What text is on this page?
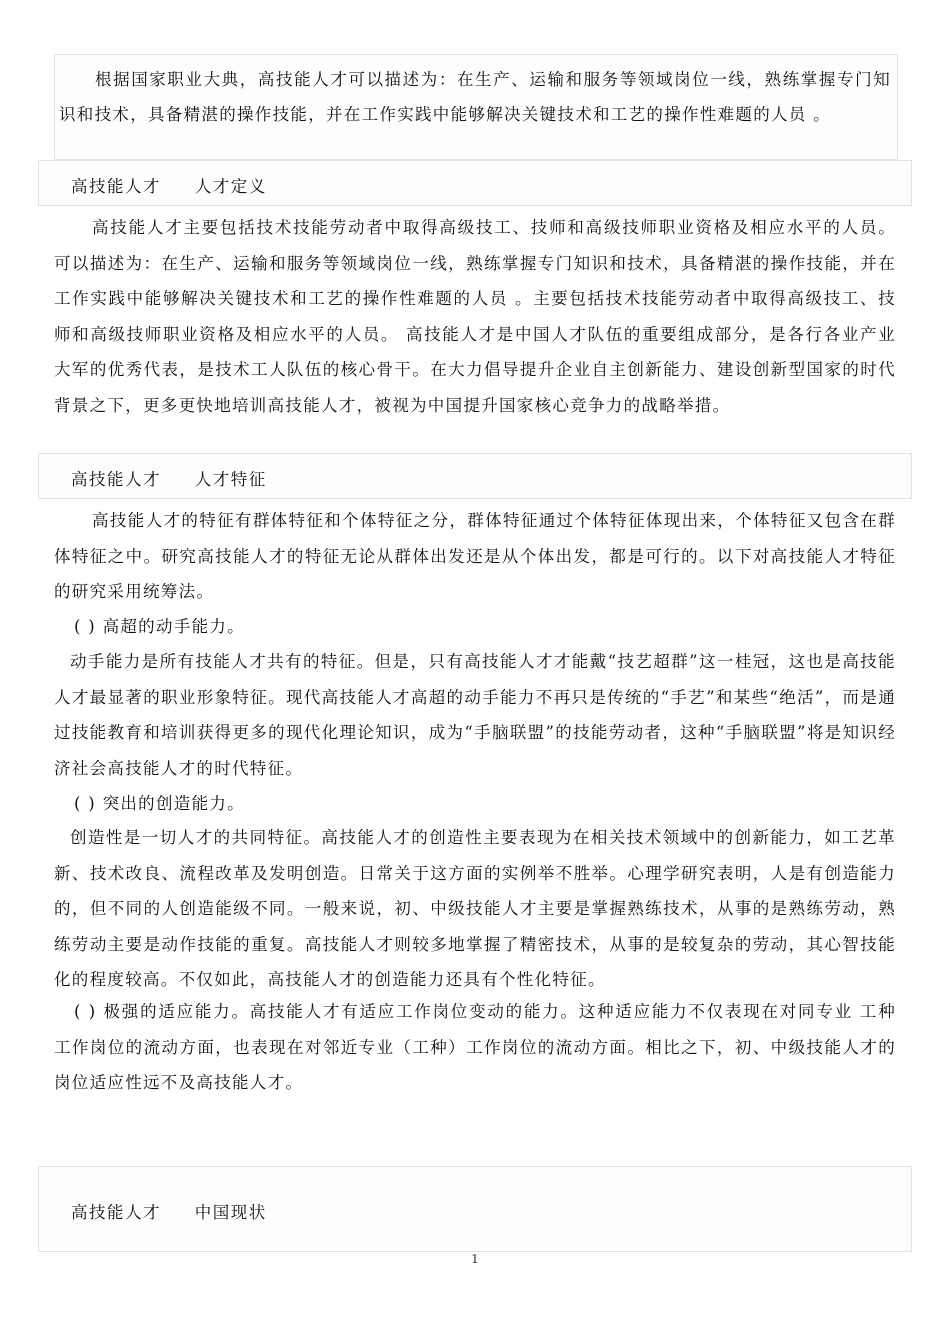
根据国家职业大典，高技能人才可以描述为：在生产、运输和服务等领域岗位一线，熟练掌握专门知识和技术，具备精湛的操作技能，并在工作实践中能够解决关键技术和工艺的操作性难题的人员 。

高技能人才     人才定义

高技能人才主要包括技术技能劳动者中取得高级技工、技师和高级技师职业资格及相应水平的人员。 可以描述为：在生产、运输和服务等领域岗位一线，熟练掌握专门知识和技术，具备精湛的操作技能，并在工作实践中能够解决关键技术和工艺的操作性难题的人员 。主要包括技术技能劳动者中取得高级技工、技师和高级技师职业资格及相应水平的人员。 高技能人才是中国人才队伍的重要组成部分，是各行各业产业大军的优秀代表，是技术工人队伍的核心骨干。在大力倡导提升企业自主创新能力、建设创新型国家的时代背景之下，更多更快地培训高技能人才，被视为中国提升国家核心竞争力的战略举措。

高技能人才     人才特征

高技能人才的特征有群体特征和个体特征之分，群体特征通过个体特征体现出来，个体特征又包含在群体特征之中。研究高技能人才的特征无论从群体出发还是从个体出发，都是可行的。以下对高技能人才特征的研究采用统筹法。

( ) 高超的动手能力。

动手能力是所有技能人才共有的特征。但是，只有高技能人才才能戴“技艺超群”这一桂冠，这也是高技能人才最显著的职业形象特征。现代高技能人才高超的动手能力不再只是传统的“手艺”和某些“绝活”，而是通过技能教育和培训获得更多的现代化理论知识，成为“手脑联盟”的技能劳动者，这种“手脑联盟”将是知识经济社会高技能人才的时代特征。

( ) 突出的创造能力。

创造性是一切人才的共同特征。高技能人才的创造性主要表现为在相关技术领域中的创新能力，如工艺革新、技术改良、流程改革及发明创造。日常关于这方面的实例举不胜举。心理学研究表明，人是有创造能力的，但不同的人创造能级不同。一般来说，初、中级技能人才主要是掌握熟练技术，从事的是熟练劳动，熟练劳动主要是动作技能的重复。高技能人才则较多地掌握了精密技术，从事的是较复杂的劳动，其心智技能化的程度较高。不仅如此，高技能人才的创造能力还具有个性化特征。

( ) 极强的适应能力。高技能人才有适应工作岗位变动的能力。这种适应能力不仅表现在对同专业 工种 工作岗位的流动方面，也表现在对邻近专业（工种）工作岗位的流动方面。相比之下，初、中级技能人才的岗位适应性远不及高技能人才。

高技能人才     中国现状
1
